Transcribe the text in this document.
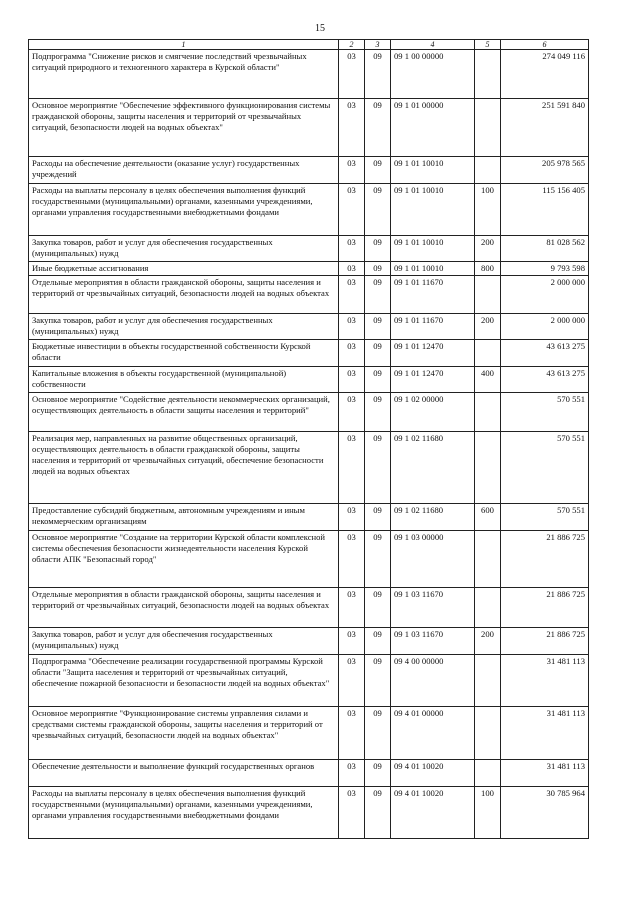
15
1	2	3	4	5	6
Подпрограмма "Снижение рисков и смягчение последствий чрезвычайных ситуаций природного и техногенного характера в Курской области"	03	09	09 1 00 00000		274 049 116
Основное мероприятие "Обеспечение эффективного функционирования системы гражданской обороны, защиты населения и территорий от чрезвычайных ситуаций, безопасности людей на водных объектах"	03	09	09 1 01 00000		251 591 840
Расходы на обеспечение деятельности (оказание услуг) государственных учреждений	03	09	09 1 01 10010		205 978 565
Расходы на выплаты персоналу в целях обеспечения выполнения функций государственными (муниципальными) органами, казенными учреждениями, органами управления государственными внебюджетными фондами	03	09	09 1 01 10010	100	115 156 405
Закупка товаров, работ и услуг для обеспечения государственных (муниципальных) нужд	03	09	09 1 01 10010	200	81 028 562
Иные бюджетные ассигнования	03	09	09 1 01 10010	800	9 793 598
Отдельные мероприятия в области гражданской обороны, защиты населения и территорий от чрезвычайных ситуаций, безопасности людей на водных объектах	03	09	09 1 01 11670		2 000 000
Закупка товаров, работ и услуг для обеспечения государственных (муниципальных) нужд	03	09	09 1 01 11670	200	2 000 000
Бюджетные инвестиции в объекты государственной собственности Курской области	03	09	09 1 01 12470		43 613 275
Капитальные вложения в объекты государственной (муниципальной) собственности	03	09	09 1 01 12470	400	43 613 275
Основное мероприятие "Содействие деятельности некоммерческих организаций, осуществляющих деятельность в области защиты населения и территорий"	03	09	09 1 02 00000		570 551
Реализация мер, направленных на развитие общественных организаций, осуществляющих деятельность в области гражданской обороны, защиты населения и территорий от чрезвычайных ситуаций, обеспечение безопасности людей на водных объектах	03	09	09 1 02 11680		570 551
Предоставление субсидий бюджетным, автономным учреждениям и иным некоммерческим организациям	03	09	09 1 02 11680	600	570 551
Основное мероприятие "Создание на территории Курской области комплексной системы обеспечения безопасности жизнедеятельности населения Курской области АПК "Безопасный город"	03	09	09 1 03 00000		21 886 725
Отдельные мероприятия в области гражданской обороны, защиты населения и территорий от чрезвычайных ситуаций, безопасности людей на водных объектах	03	09	09 1 03 11670		21 886 725
Закупка товаров, работ и услуг для обеспечения государственных (муниципальных) нужд	03	09	09 1 03 11670	200	21 886 725
Подпрограмма "Обеспечение реализации государственной программы Курской области "Защита населения и территорий от чрезвычайных ситуаций, обеспечение пожарной безопасности и безопасности людей на водных объектах"	03	09	09 4 00 00000		31 481 113
Основное мероприятие "Функционирование системы управления силами и средствами системы гражданской обороны, защиты населения и территорий от чрезвычайных ситуаций, безопасности людей на водных объектах"	03	09	09 4 01 00000		31 481 113
Обеспечение деятельности и выполнение функций государственных органов	03	09	09 4 01 10020		31 481 113
Расходы на выплаты персоналу в целях обеспечения выполнения функций государственными (муниципальными) органами, казенными учреждениями, органами управления государственными внебюджетными фондами	03	09	09 4 01 10020	100	30 785 964
